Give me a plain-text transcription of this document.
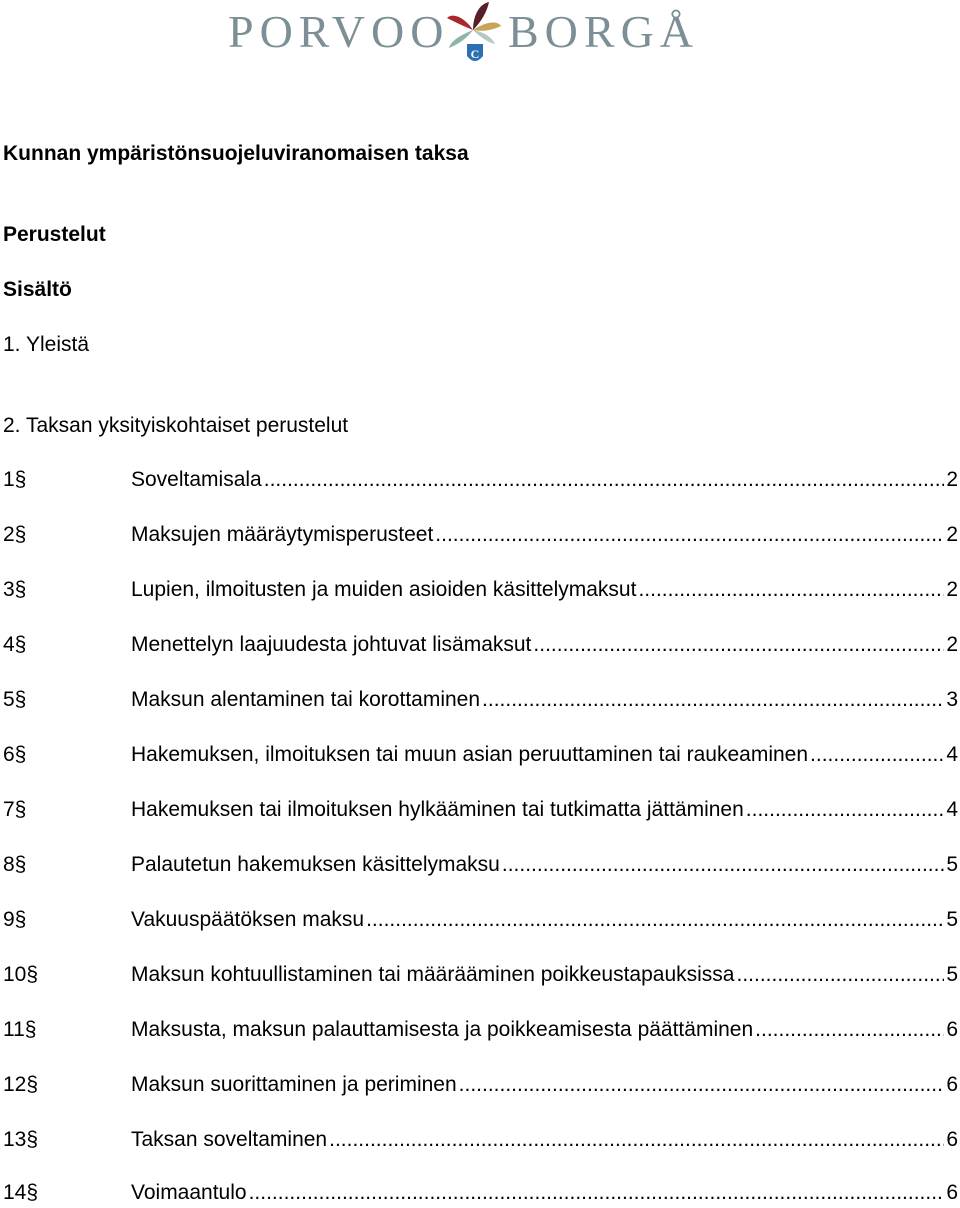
PORVOO C BORGÅ
Kunnan ympäristönsuojeluviranomaisen taksa
Perustelut
Sisältö
1. Yleistä
2. Taksan yksityiskohtaiset perustelut
1§	Soveltamisala .....	2
2§	Maksujen määräytymisperusteet .....	2
3§	Lupien, ilmoitusten ja muiden asioiden käsittelymaksut .....	2
4§	Menettelyn laajuudesta johtuvat lisämaksut .....	2
5§	Maksun alentaminen tai korottaminen .....	3
6§	Hakemuksen, ilmoituksen tai muun asian peruuttaminen tai raukeaminen .....	4
7§	Hakemuksen tai ilmoituksen hylkääminen tai tutkimatta jättäminen .....	4
8§	Palautetun hakemuksen käsittelymaksu .....	5
9§	Vakuuspäätöksen maksu .....	5
10§	Maksun kohtuullistaminen tai määrääminen poikkeustapauksissa .....	5
11§	Maksusta, maksun palauttamisesta ja poikkeamisesta päättäminen .....	6
12§	Maksun suorittaminen ja periminen .....	6
13§	Taksan soveltaminen .....	6
14§	Voimaantulo .....	6
